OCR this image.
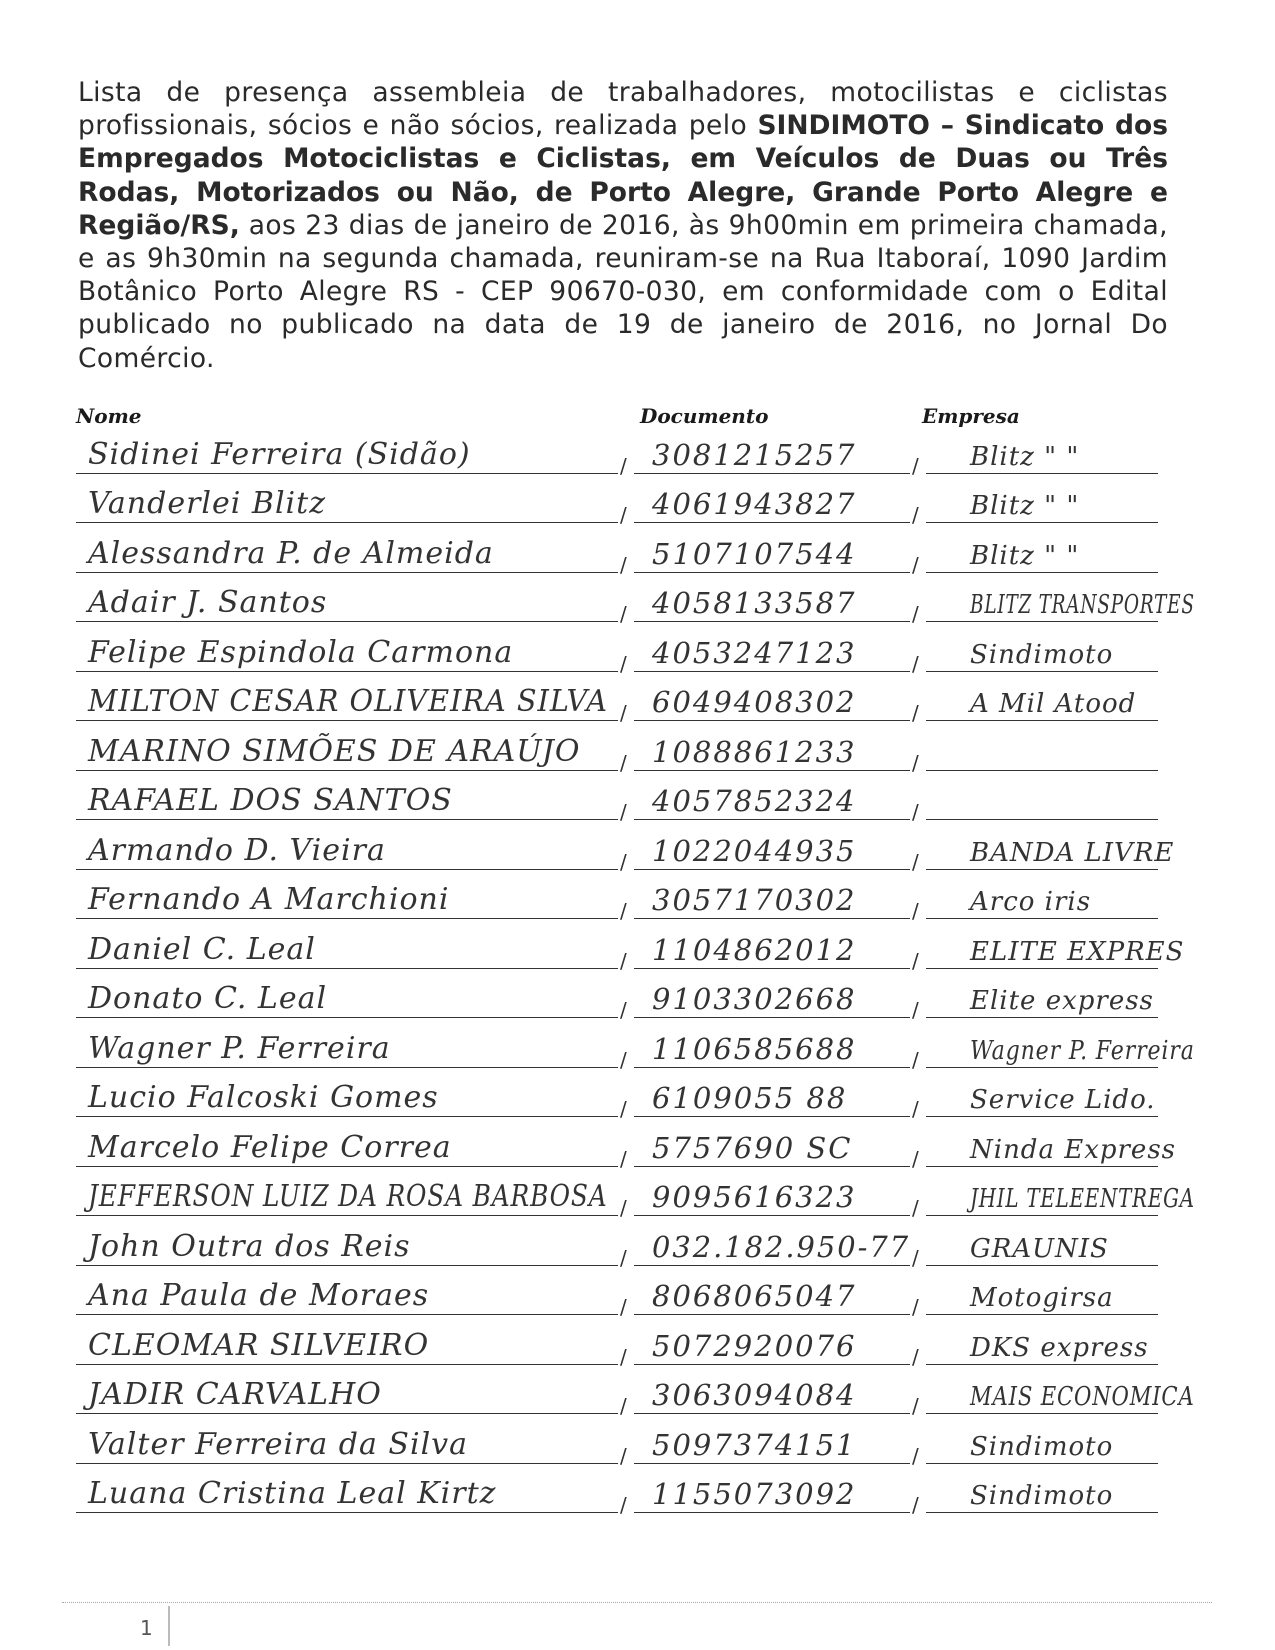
Lista de presença assembleia de trabalhadores, motocilistas e ciclistas profissionais, sócios e não sócios, realizada pelo SINDIMOTO – Sindicato dos Empregados Motociclistas e Ciclistas, em Veículos de Duas ou Três Rodas, Motorizados ou Não, de Porto Alegre, Grande Porto Alegre e Região/RS, aos 23 dias de janeiro de 2016, às 9h00min em primeira chamada, e as 9h30min na segunda chamada, reuniram-se na Rua Itaboraí, 1090 Jardim Botânico Porto Alegre RS - CEP 90670-030, em conformidade com o Edital publicado no publicado na data de 19 de janeiro de 2016, no Jornal Do Comércio.
Nome	Documento	Empresa
/	/
Sidinei Ferreira (Sidão)	3081215257	Blitz " "
/	/
Vanderlei Blitz	4061943827	Blitz " "
/	/
Alessandra P. de Almeida	5107107544	Blitz " "
/	/
Adair J. Santos	4058133587	BLITZ TRANSPORTES
/	/
Felipe Espindola Carmona	4053247123	Sindimoto
/	/
MILTON CESAR OLIVEIRA SILVA 6049408302	A Mil Atood
/	/
MARINO SIMÕES DE ARAÚJO 1088861233
/	/
RAFAEL DOS SANTOS	4057852324
/	/
Armando D. Vieira	1022044935	BANDA LIVRE
/	/
Fernando A Marchioni	3057170302	Arco iris
/	/
Daniel C. Leal	1104862012	ELITE EXPRES
/	/
Donato C. Leal	9103302668	Elite express
/	/
Wagner P. Ferreira	1106585688	Wagner P. Ferreira
/	/
Lucio Falcoski Gomes	6109055 88	Service Lido.
/	/
Marcelo Felipe Correa	5757690 SC	Ninda Express
/	/
JEFFERSON LUIZ DA ROSA BARBOSA 9095616323	JHIL TELEENTREGA
/	/
John Outra dos Reis	032.182.950-77 GRAUNIS
/	/
Ana Paula de Moraes	8068065047	Motogirsa
/	/
CLEOMAR SILVEIRO	5072920076	DKS express
/	/
JADIR CARVALHO	3063094084	MAIS ECONOMICA
/	/
Valter Ferreira da Silva	5097374151	Sindimoto
/	/
Luana Cristina Leal Kirtz	1155073092	Sindimoto
1
